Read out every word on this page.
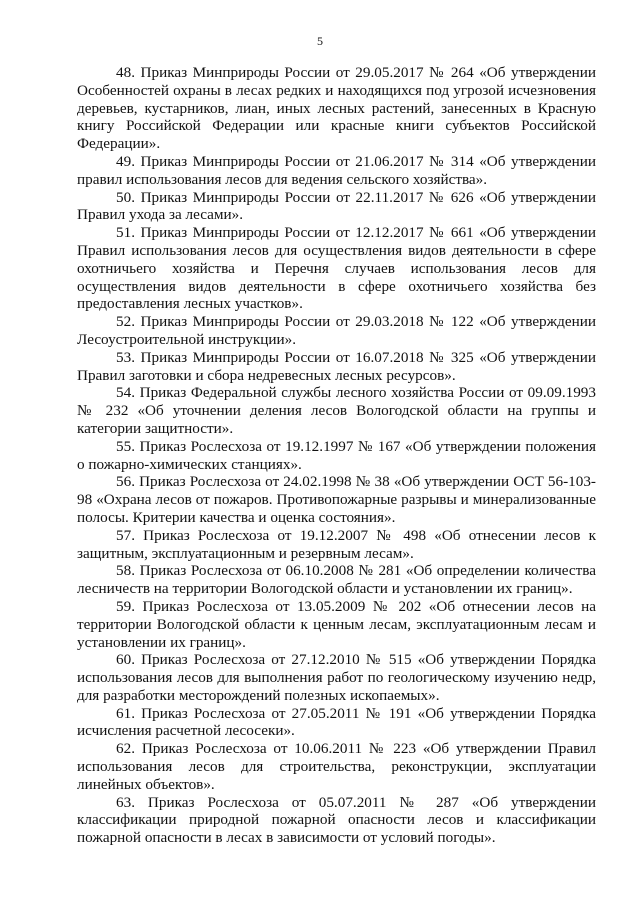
5

48. Приказ Минприроды России от 29.05.2017 № 264 «Об утверждении Особенностей охраны в лесах редких и находящихся под угрозой исчезновения деревьев, кустарников, лиан, иных лесных растений, занесенных в Красную книгу Российской Федерации или красные книги субъектов Российской Федерации».

49. Приказ Минприроды России от 21.06.2017 № 314 «Об утверждении правил использования лесов для ведения сельского хозяйства».

50. Приказ Минприроды России от 22.11.2017 № 626 «Об утверждении Правил ухода за лесами».

51. Приказ Минприроды России от 12.12.2017 № 661 «Об утверждении Правил использования лесов для осуществления видов деятельности в сфере охотничьего хозяйства и Перечня случаев использования лесов для осуществления видов деятельности в сфере охотничьего хозяйства без предоставления лесных участков».

52. Приказ Минприроды России от 29.03.2018 № 122 «Об утверждении Лесоустроительной инструкции».

53. Приказ Минприроды России от 16.07.2018 № 325 «Об утверждении Правил заготовки и сбора недревесных лесных ресурсов».

54. Приказ Федеральной службы лесного хозяйства России от 09.09.1993 № 232 «Об уточнении деления лесов Вологодской области на группы и категории защитности».

55. Приказ Рослесхоза от 19.12.1997 № 167 «Об утверждении положения о пожарно-химических станциях».

56. Приказ Рослесхоза от 24.02.1998 № 38 «Об утверждении ОСТ 56-103-98 «Охрана лесов от пожаров. Противопожарные разрывы и минерализованные полосы. Критерии качества и оценка состояния».

57. Приказ Рослесхоза от 19.12.2007 № 498 «Об отнесении лесов к защитным, эксплуатационным и резервным лесам».

58. Приказ Рослесхоза от 06.10.2008 № 281 «Об определении количества лесничеств на территории Вологодской области и установлении их границ».

59. Приказ Рослесхоза от 13.05.2009 № 202 «Об отнесении лесов на территории Вологодской области к ценным лесам, эксплуатационным лесам и установлении их границ».

60. Приказ Рослесхоза от 27.12.2010 № 515 «Об утверждении Порядка использования лесов для выполнения работ по геологическому изучению недр, для разработки месторождений полезных ископаемых».

61. Приказ Рослесхоза от 27.05.2011 № 191 «Об утверждении Порядка исчисления расчетной лесосеки».

62. Приказ Рослесхоза от 10.06.2011 № 223 «Об утверждении Правил использования лесов для строительства, реконструкции, эксплуатации линейных объектов».

63. Приказ Рослесхоза от 05.07.2011 № 287 «Об утверждении классификации природной пожарной опасности лесов и классификации пожарной опасности в лесах в зависимости от условий погоды».
